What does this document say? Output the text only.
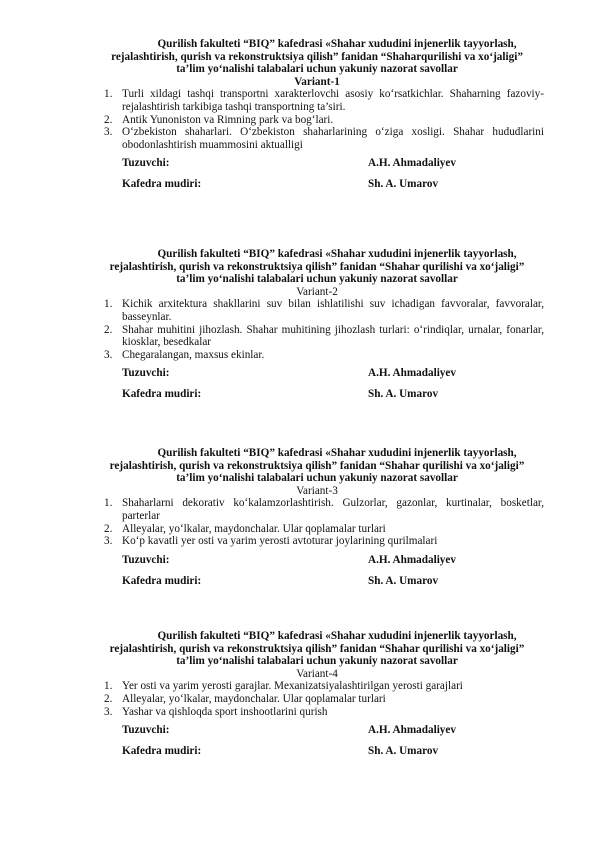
Qurilish fakulteti “BIQ” kafedrasi «Shahar xududini injenerlik tayyorlash,
rejalashtirish, qurish va rekonstruktsiya qilish” fanidan “Shaharqurilishi va xo‘jaligi”
ta’lim yo‘nalishi talabalari uchun yakuniy nazorat savollar
Variant-1
1. Turli xildagi tashqi transportni xarakterlovchi asosiy ko‘rsatkichlar. Shaharning fazoviy-rejalashtirish tarkibiga tashqi transportning ta’siri.
2. Antik Yunoniston va Rimning park va bog‘lari.
3. O‘zbekiston shaharlari. O‘zbekiston shaharlarining o‘ziga xosligi. Shahar hududlarini obodonlashtirish muammosini aktualligi
Tuzuvchi:	A.H. Ahmadaliyev
Kafedra mudiri:	Sh. A. Umarov
Qurilish fakulteti “BIQ” kafedrasi «Shahar xududini injenerlik tayyorlash,
rejalashtirish, qurish va rekonstruktsiya qilish” fanidan “Shahar qurilishi va xo‘jaligi”
ta’lim yo‘nalishi talabalari uchun yakuniy nazorat savollar
Variant-2
1. Kichik arxitektura shakllarini suv bilan ishlatilishi suv ichadigan favvoralar, favvoralar, basseynlar.
2. Shahar muhitini jihozlash. Shahar muhitining jihozlash turlari: o‘rindiqlar, urnalar, fonarlar, kiosklar, besedkalar
3. Chegaralangan, maxsus ekinlar.
Tuzuvchi:	A.H. Ahmadaliyev
Kafedra mudiri:	Sh. A. Umarov
Qurilish fakulteti “BIQ” kafedrasi «Shahar xududini injenerlik tayyorlash,
rejalashtirish, qurish va rekonstruktsiya qilish” fanidan “Shahar qurilishi va xo‘jaligi”
ta’lim yo‘nalishi talabalari uchun yakuniy nazorat savollar
Variant-3
1. Shaharlarni dekorativ ko‘kalamzorlashtirish. Gulzorlar, gazonlar, kurtinalar, bosketlar, parterlar
2. Alleyalar, yo‘lkalar, maydonchalar. Ular qoplamalar turlari
3. Ko‘p kavatli yer osti va yarim yerosti avtoturar joylarining qurilmalari
Tuzuvchi:	A.H. Ahmadaliyev
Kafedra mudiri:	Sh. A. Umarov
Qurilish fakulteti “BIQ” kafedrasi «Shahar xududini injenerlik tayyorlash,
rejalashtirish, qurish va rekonstruktsiya qilish” fanidan “Shahar qurilishi va xo‘jaligi”
ta’lim yo‘nalishi talabalari uchun yakuniy nazorat savollar
Variant-4
1. Yer osti va yarim yerosti garajlar. Mexanizatsiyalashtirilgan yerosti garajlari
2. Alleyalar, yo‘lkalar, maydonchalar. Ular qoplamalar turlari
3. Yashar va qishloqda sport inshootlarini qurish
Tuzuvchi:	A.H. Ahmadaliyev
Kafedra mudiri:	Sh. A. Umarov
